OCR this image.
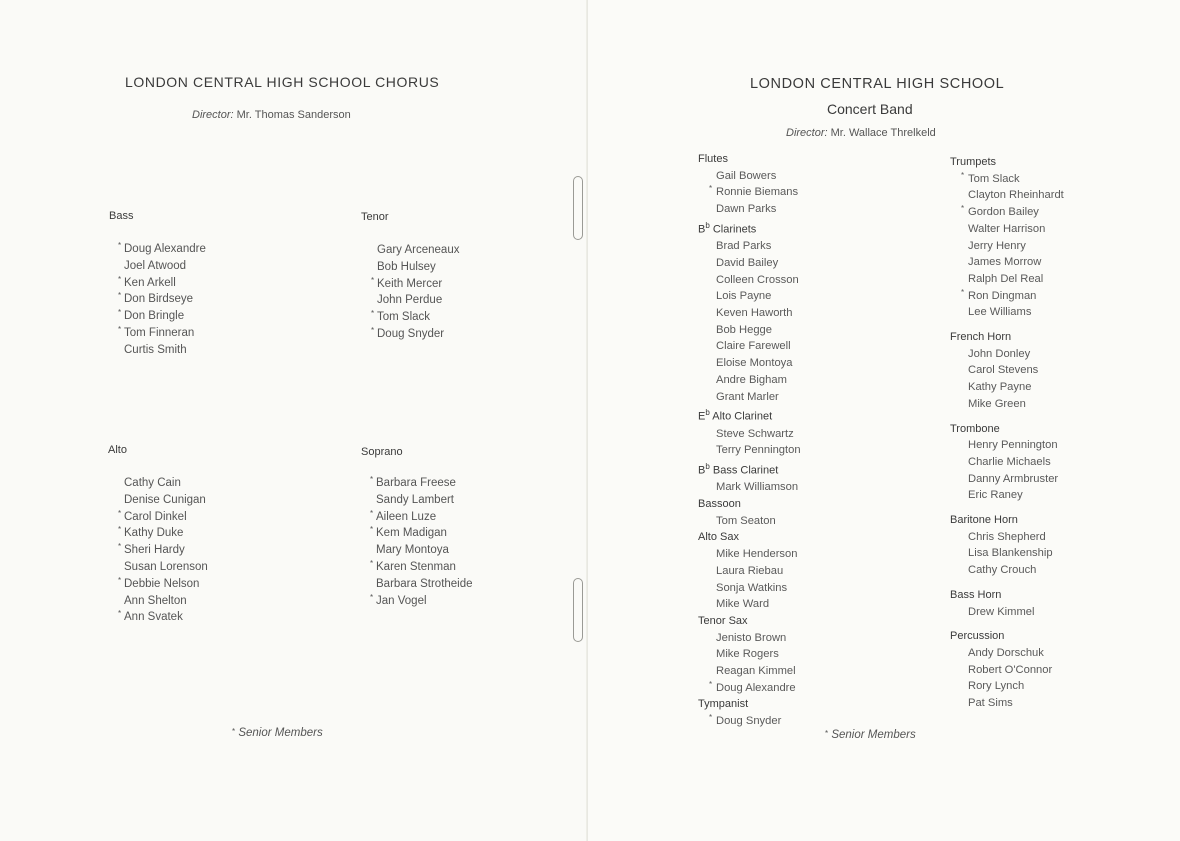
LONDON CENTRAL HIGH SCHOOL CHORUS
Director: Mr. Thomas Sanderson
Bass
* Doug Alexandre
Joel Atwood
* Ken Arkell
* Don Birdseye
* Don Bringle
* Tom Finneran
Curtis Smith
Tenor
Gary Arceneaux
Bob Hulsey
* Keith Mercer
John Perdue
* Tom Slack
* Doug Snyder
Alto
Cathy Cain
Denise Cunigan
* Carol Dinkel
* Kathy Duke
* Sheri Hardy
Susan Lorenson
* Debbie Nelson
Ann Shelton
* Ann Svatek
Soprano
* Barbara Freese
Sandy Lambert
* Aileen Luze
* Kem Madigan
Mary Montoya
* Karen Stenman
Barbara Strotheide
* Jan Vogel
* Senior Members
LONDON CENTRAL HIGH SCHOOL
Concert Band
Director: Mr. Wallace Threlkeld
Flutes
Gail Bowers
* Ronnie Biemans
Dawn Parks
$B^b$ Clarinets
Brad Parks
David Bailey
Colleen Crosson
Lois Payne
Keven Haworth
Bob Hegge
Claire Farewell
Eloise Montoya
Andre Bigham
Grant Marler
$E^b$ Alto Clarinet
Steve Schwartz
Terry Pennington
$B^b$ Bass Clarinet
Mark Williamson
Bassoon
Tom Seaton
Alto Sax
Mike Henderson
Laura Riebau
Sonja Watkins
Mike Ward
Tenor Sax
Jenisto Brown
Mike Rogers
Reagan Kimmel
* Doug Alexandre
Tympanist
* Doug Snyder
Trumpets
* Tom Slack
Clayton Rheinhardt
* Gordon Bailey
Walter Harrison
Jerry Henry
James Morrow
Ralph Del Real
* Ron Dingman
Lee Williams
French Horn
John Donley
Carol Stevens
Kathy Payne
Mike Green
Trombone
Henry Pennington
Charlie Michaels
Danny Armbruster
Eric Raney
Baritone Horn
Chris Shepherd
Lisa Blankenship
Cathy Crouch
Bass Horn
Drew Kimmel
Percussion
Andy Dorschuk
Robert O'Connor
Rory Lynch
Pat Sims
* Senior Members
